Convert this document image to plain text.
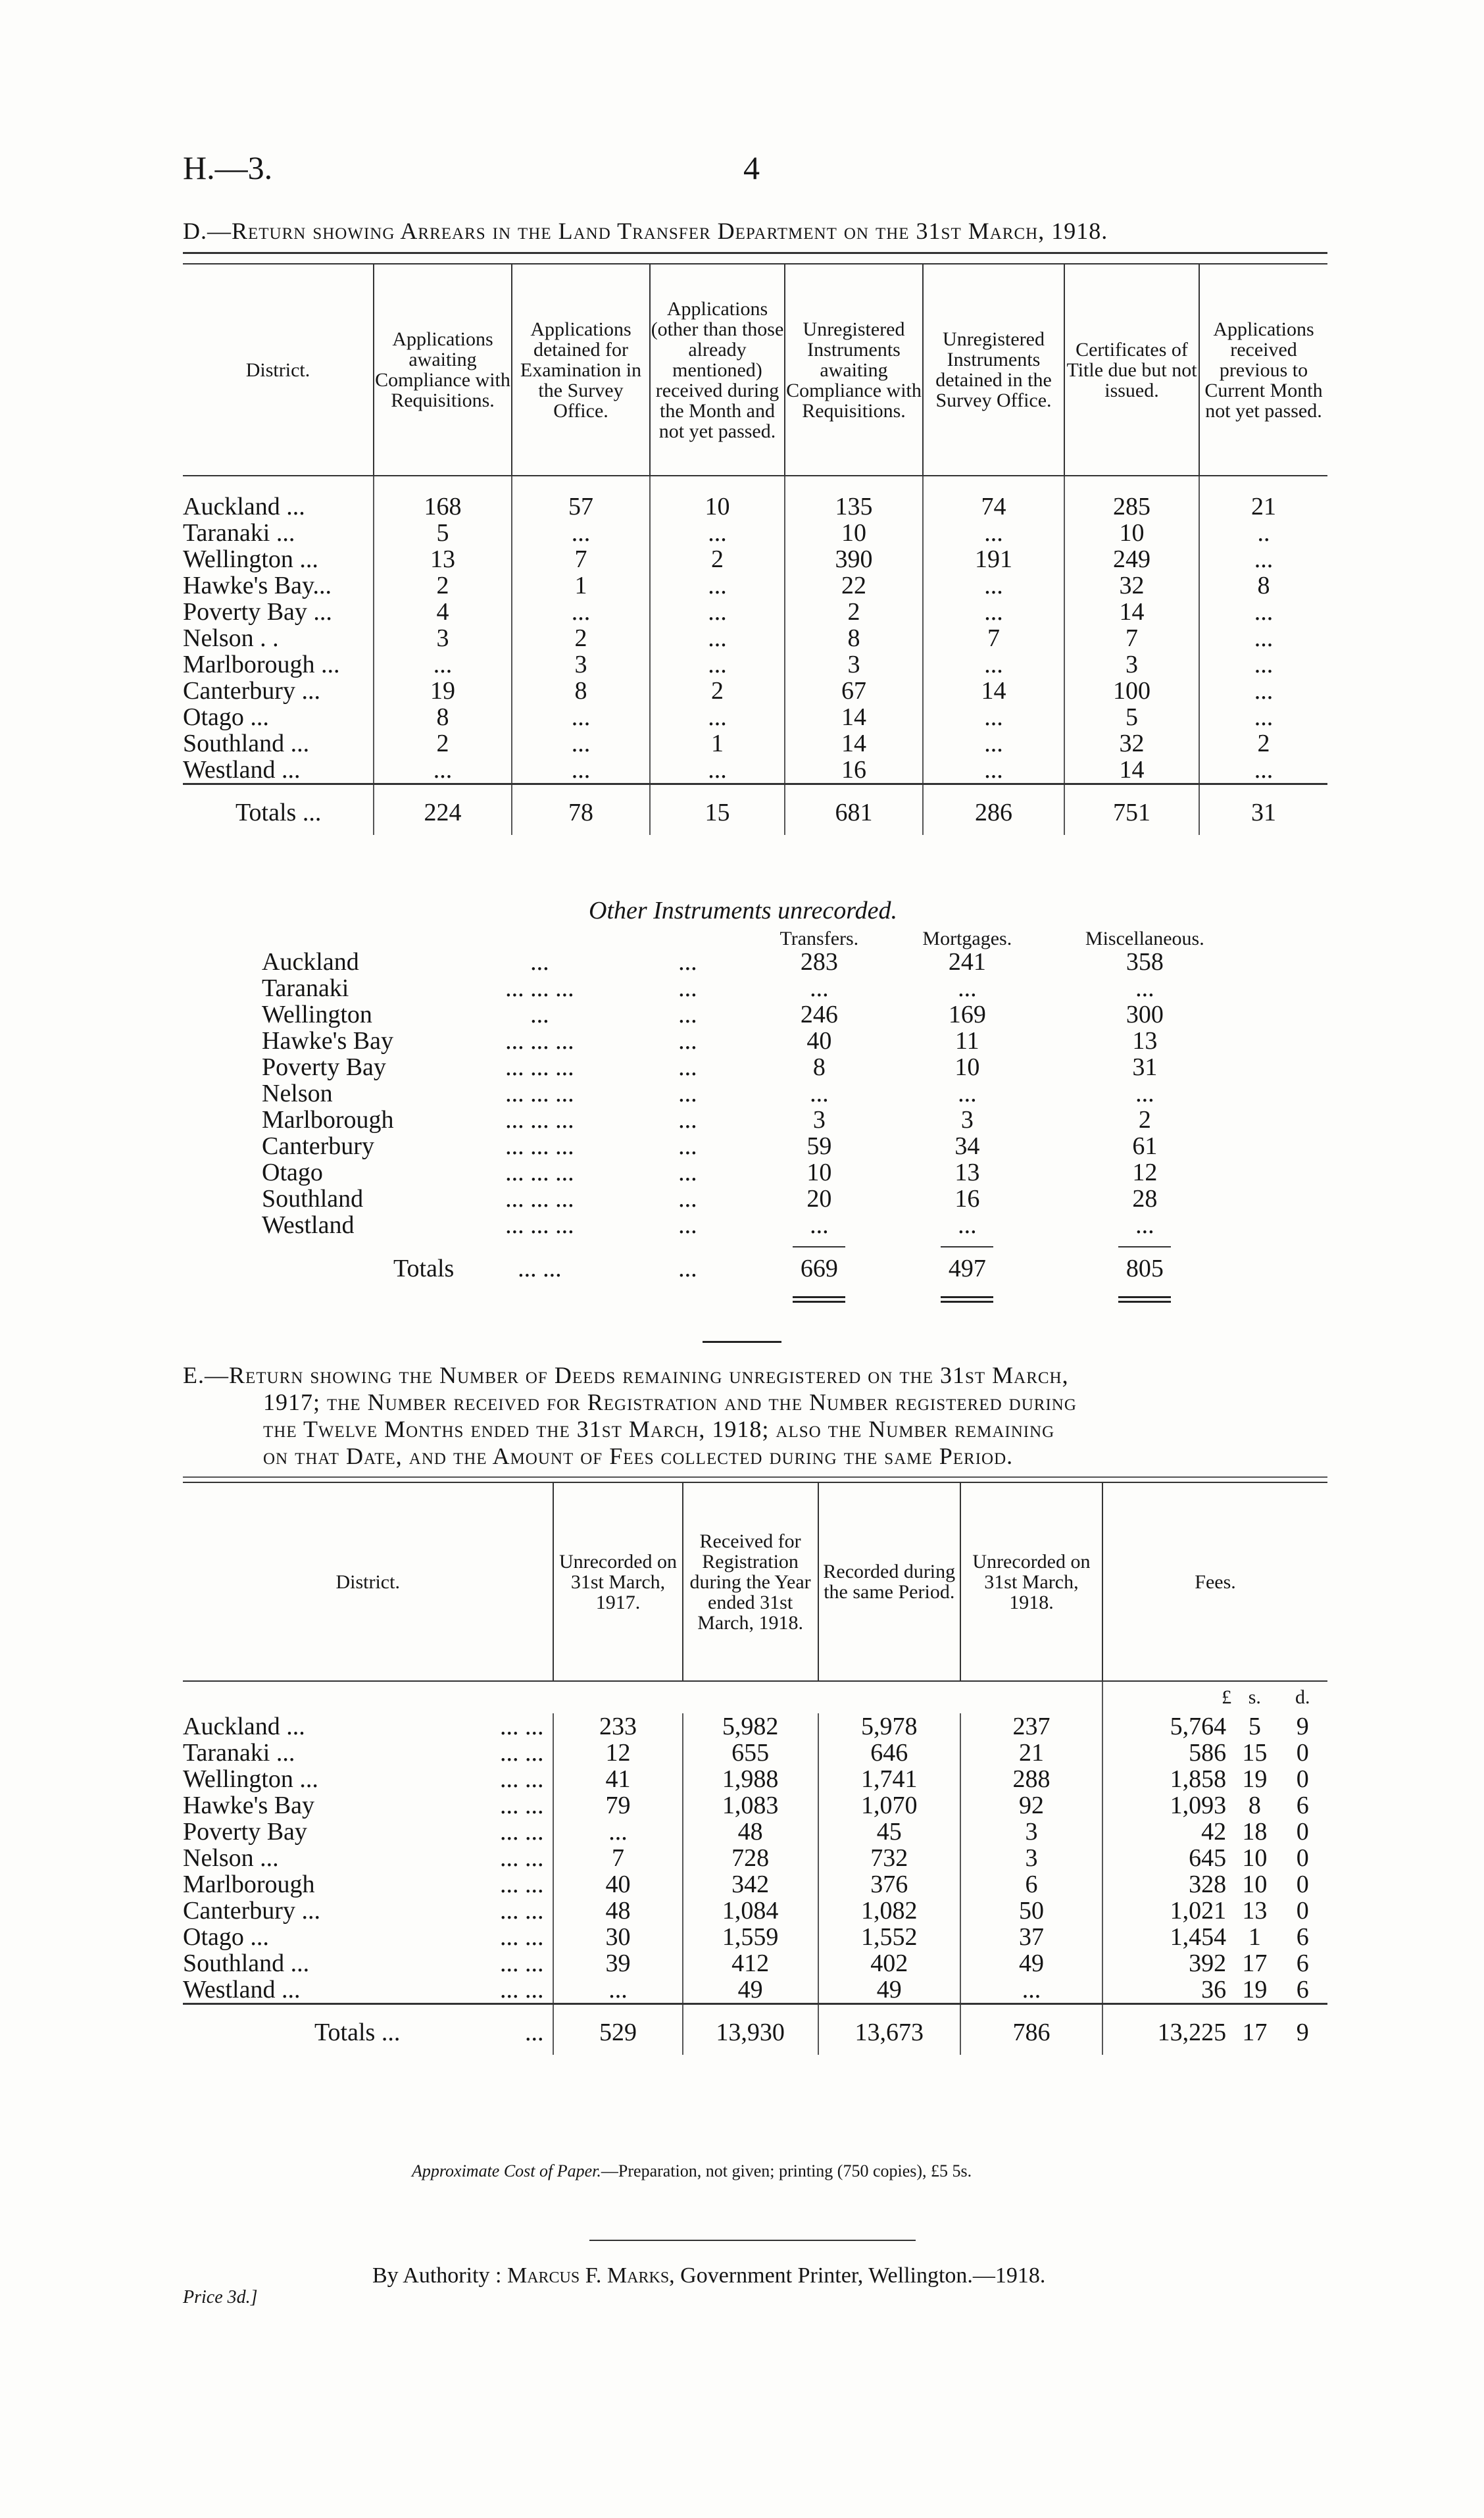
H.—3.	4
D.—Return showing Arrears in the Land Transfer Department on the 31st March, 1918.
District.	Applications awaiting Compliance with Requisitions.	Applications detained for Examination in the Survey Office.	Applications (other than those already mentioned) received during the Month and not yet passed.	Unregistered Instruments awaiting Compliance with Requisitions.	Unregistered Instruments detained in the Survey Office.	Certificates of Title due but not issued.	Applications received previous to Current Month not yet passed.

Auckland ...	168	57	10	135	74	285	21
Taranaki ...	5	...	...	10	...	10	..
Wellington ...	13	7	2	390	191	249	...
Hawke's Bay...	2	1	...	22	...	32	8
Poverty Bay ...	4	...	...	2	...	14	...
Nelson . .	3	2	...	8	7	7	...
Marlborough ...	...	3	...	3	...	3	...
Canterbury ...	19	8	2	67	14	100	...
Otago ...	8	...	...	14	...	5	...
Southland ...	2	...	1	14	...	32	2
Westland ...	...	...	...	16	...	14	...
Totals ...	224	78	15	681	286	751	31
Other Instruments unrecorded.
			Transfers.	Mortgages.	Miscellaneous.
Auckland	...	...	283	241	358
Taranaki	... ... ...	...	...	...	...
Wellington	...	...	246	169	300
Hawke's Bay	... ... ...	...	40	11	13
Poverty Bay	... ... ...	...	8	10	31
Nelson	... ... ...	...	...	...	...
Marlborough	... ... ...	...	3	3	2
Canterbury	... ... ...	...	59	34	61
Otago	... ... ...	...	10	13	12
Southland	... ... ...	...	20	16	28
Westland	... ... ...	...	...	...	...

Totals	... ...	...	669	497	805

E.—Return showing the Number of Deeds remaining unregistered on the 31st March,
1917; the Number received for Registration and the Number registered during
the Twelve Months ended the 31st March, 1918; also the Number remaining
on that Date, and the Amount of Fees collected during the same Period.
District.		Unrecorded on 31st March, 1917.	Received for Registration during the Year ended 31st March, 1918.	Recorded during the same Period.	Unrecorded on 31st March, 1918.	Fees.		
						£	s.	d.
Auckland ...	... ...	233	5,982	5,978	237	5,764	5	9
Taranaki ...	... ...	12	655	646	21	586	15	0
Wellington ...	... ...	41	1,988	1,741	288	1,858	19	0
Hawke's Bay	... ...	79	1,083	1,070	92	1,093	8	6
Poverty Bay	... ...	...	48	45	3	42	18	0
Nelson ...	... ...	7	728	732	3	645	10	0
Marlborough	... ...	40	342	376	6	328	10	0
Canterbury ...	... ...	48	1,084	1,082	50	1,021	13	0
Otago ...	... ...	30	1,559	1,552	37	1,454	1	6
Southland ...	... ...	39	412	402	49	392	17	6
Westland ...	... ...	...	49	49	...	36	19	6
Totals ...	...	529	13,930	13,673	786	13,225	17	9
Approximate Cost of Paper.—Preparation, not given; printing (750 copies), £5 5s.
By Authority : Marcus F. Marks, Government Printer, Wellington.—1918.
Price 3d.]
